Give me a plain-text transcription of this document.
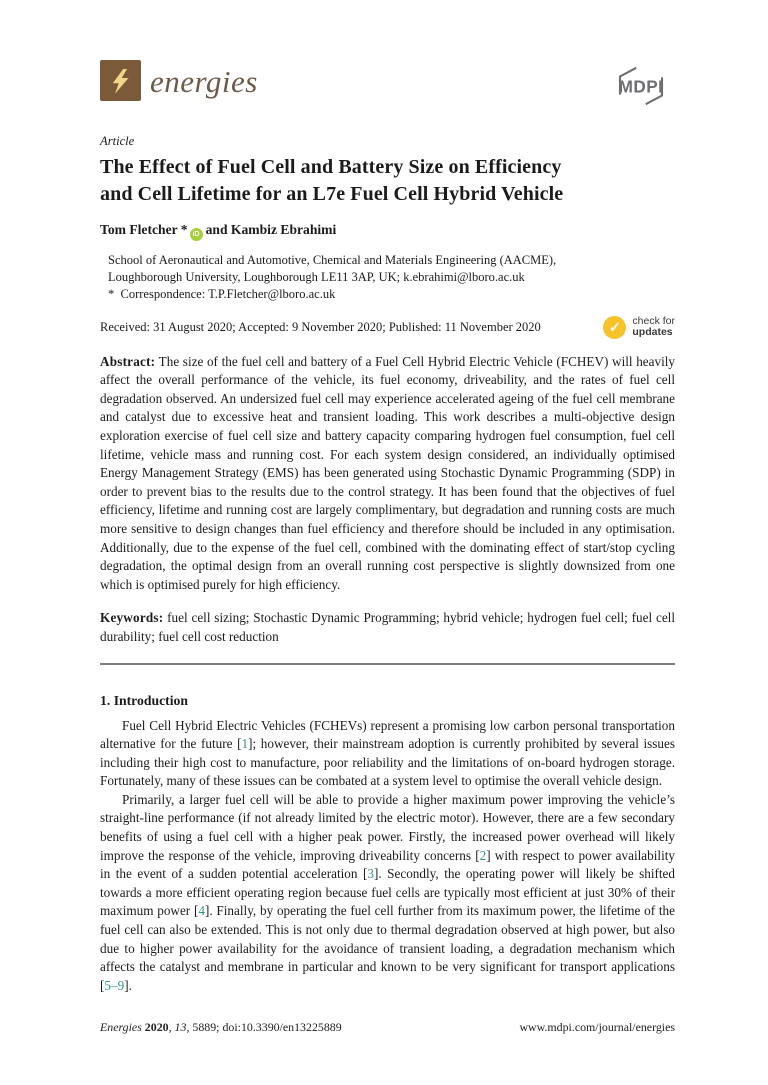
energies	MDPI
Article
The Effect of Fuel Cell and Battery Size on Efficiency
and Cell Lifetime for an L7e Fuel Cell Hybrid Vehicle
Tom Fletcher * iD and Kambiz Ebrahimi
School of Aeronautical and Automotive, Chemical and Materials Engineering (AACME),
Loughborough University, Loughborough LE11 3AP, UK; k.ebrahimi@lboro.ac.uk
* Correspondence: T.P.Fletcher@lboro.ac.uk
Received: 31 August 2020; Accepted: 9 November 2020; Published: 11 November 2020	✓	check for
updates

Abstract: The size of the fuel cell and battery of a Fuel Cell Hybrid Electric Vehicle (FCHEV) will heavily affect the overall performance of the vehicle, its fuel economy, driveability, and the rates of fuel cell degradation observed. An undersized fuel cell may experience accelerated ageing of the fuel cell membrane and catalyst due to excessive heat and transient loading. This work describes a multi-objective design exploration exercise of fuel cell size and battery capacity comparing hydrogen fuel consumption, fuel cell lifetime, vehicle mass and running cost. For each system design considered, an individually optimised Energy Management Strategy (EMS) has been generated using Stochastic Dynamic Programming (SDP) in order to prevent bias to the results due to the control strategy. It has been found that the objectives of fuel efficiency, lifetime and running cost are largely complimentary, but degradation and running costs are much more sensitive to design changes than fuel efficiency and therefore should be included in any optimisation. Additionally, due to the expense of the fuel cell, combined with the dominating effect of start/stop cycling degradation, the optimal design from an overall running cost perspective is slightly downsized from one which is optimised purely for high efficiency.

Keywords: fuel cell sizing; Stochastic Dynamic Programming; hybrid vehicle; hydrogen fuel cell; fuel cell durability; fuel cell cost reduction

1. Introduction

Fuel Cell Hybrid Electric Vehicles (FCHEVs) represent a promising low carbon personal transportation alternative for the future [1]; however, their mainstream adoption is currently prohibited by several issues including their high cost to manufacture, poor reliability and the limitations of on-board hydrogen storage. Fortunately, many of these issues can be combated at a system level to optimise the overall vehicle design.

Primarily, a larger fuel cell will be able to provide a higher maximum power improving the vehicle’s straight-line performance (if not already limited by the electric motor). However, there are a few secondary benefits of using a fuel cell with a higher peak power. Firstly, the increased power overhead will likely improve the response of the vehicle, improving driveability concerns [2] with respect to power availability in the event of a sudden potential acceleration [3]. Secondly, the operating power will likely be shifted towards a more efficient operating region because fuel cells are typically most efficient at just 30% of their maximum power [4]. Finally, by operating the fuel cell further from its maximum power, the lifetime of the fuel cell can also be extended. This is not only due to thermal degradation observed at high power, but also due to higher power availability for the avoidance of transient loading, a degradation mechanism which affects the catalyst and membrane in particular and known to be very significant for transport applications [5–9].

Energies 2020, 13, 5889; doi:10.3390/en13225889	www.mdpi.com/journal/energies
